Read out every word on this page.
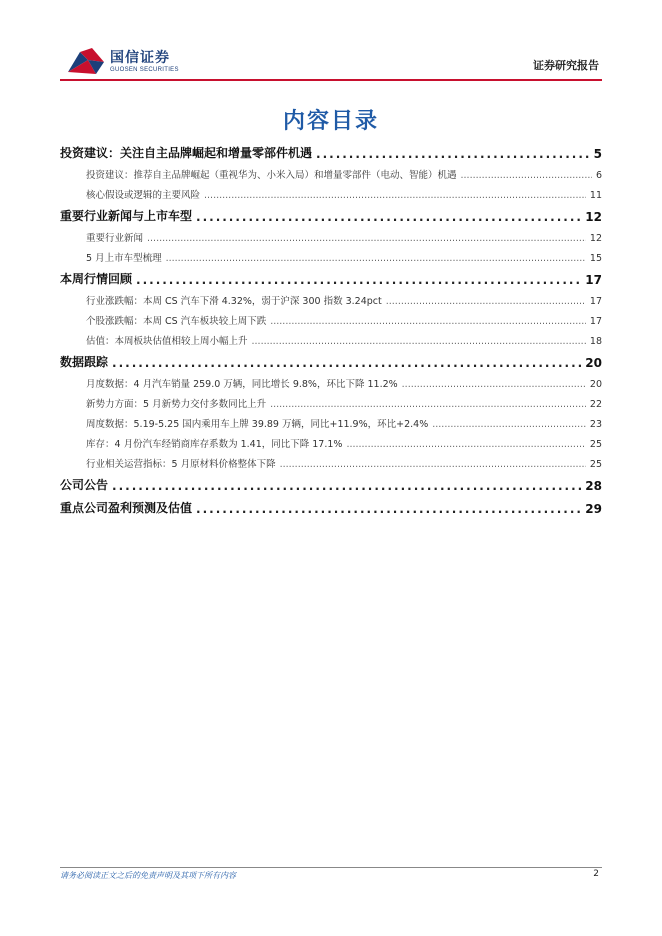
国信证券
GUOSEN SECURITIES	证券研究报告
内容目录
投资建议：关注自主品牌崛起和增量零部件机遇 .....	5
投资建议：推荐自主品牌崛起（重视华为、小米入局）和增量零部件（电动、智能）机遇 .....	6
核心假设或逻辑的主要风险 .....	11
重要行业新闻与上市车型 .....	12
重要行业新闻 .....	12
5 月上市车型梳理 .....	15
本周行情回顾 .....	17
行业涨跌幅：本周 CS 汽车下滑 4.32%，弱于沪深 300 指数 3.24pct .....	17
个股涨跌幅：本周 CS 汽车板块较上周下跌 .....	17
估值：本周板块估值相较上周小幅上升 .....	18
数据跟踪 .....	20
月度数据：4 月汽车销量 259.0 万辆，同比增长 9.8%，环比下降 11.2% .....	20
新势力方面：5 月新势力交付多数同比上升 .....	22
周度数据：5.19-5.25 国内乘用车上牌 39.89 万辆，同比+11.9%，环比+2.4% .....	23
库存：4 月份汽车经销商库存系数为 1.41，同比下降 17.1% .....	25
行业相关运营指标：5 月原材料价格整体下降 .....	25
公司公告 .....	28
重点公司盈利预测及估值 .....	29
请务必阅读正文之后的免责声明及其项下所有内容	2
